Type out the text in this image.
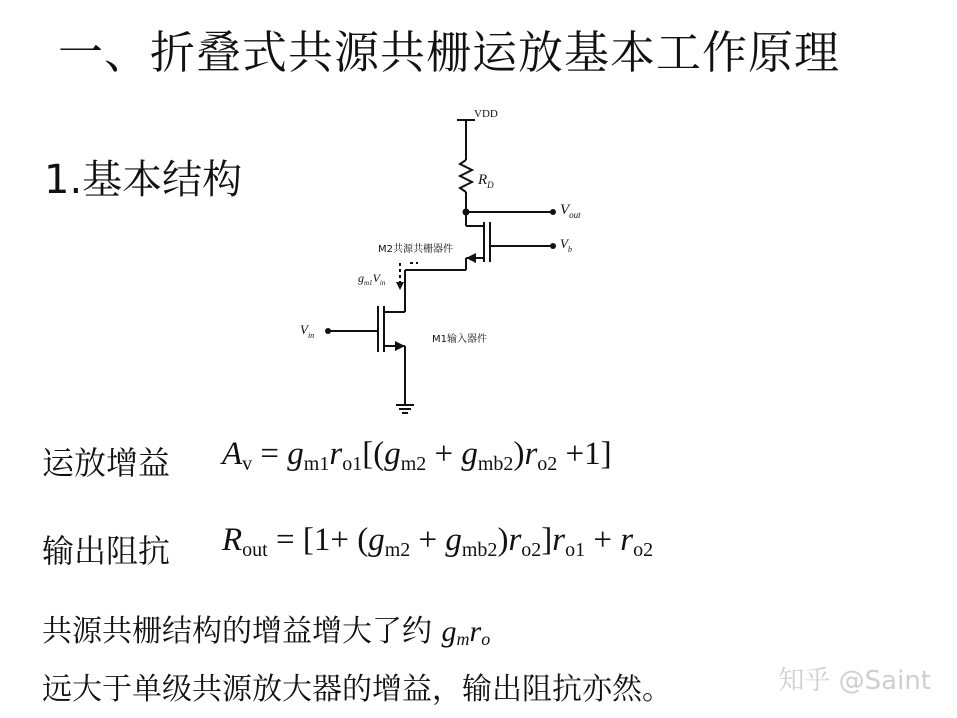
一、折叠式共源共栅运放基本工作原理
1.基本结构
VDD
$R_D$
$V_{out}$
$V_b$
M2共源共栅器件
$g_{m1}V_{in}$
$V_{in}$	M1输入器件
运放增益 $A_v = g_{m1}r_{o1}[(g_{m2} + g_{mb2})r_{o2} +1]$
输出阻抗 $R_{out} = [1+ (g_{m2} + g_{mb2})r_{o2}]r_{o1} + r_{o2}$
共源共栅结构的增益增大了约 $g_mr_o$
远大于单级共源放大器的增益，输出阻抗亦然。	知乎 @Saint
